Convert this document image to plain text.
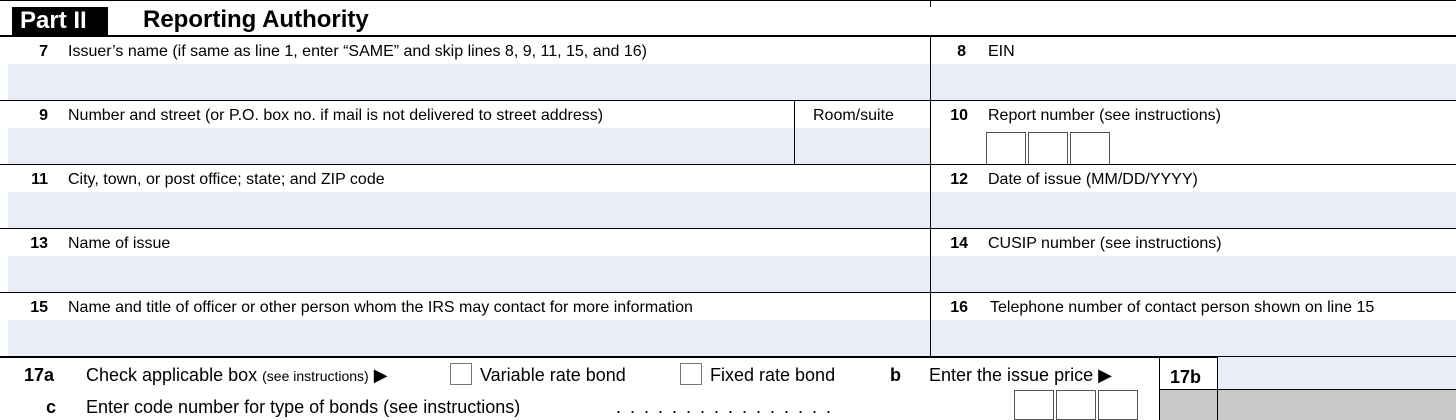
Part II	Reporting Authority
7 Issuer’s name (if same as line 1, enter “SAME” and skip lines 8, 9, 11, 15, and 16)	8 EIN
9 Number and street (or P.O. box no. if mail is not delivered to street address)	Room/suite	10 Report number (see instructions)
11 City, town, or post office; state; and ZIP code	12 Date of issue (MM/DD/YYYY)
13 Name of issue	14 CUSIP number (see instructions)
15 Name and title of officer or other person whom the IRS may contact for more information	16 Telephone number of contact person shown on line 15
17a Check applicable box (see instructions) ▶	Variable rate bond	Fixed rate bond	b Enter the issue price ▶	17b
c Enter code number for type of bonds (see instructions)	. . . . . . . . . . . . . . . .
